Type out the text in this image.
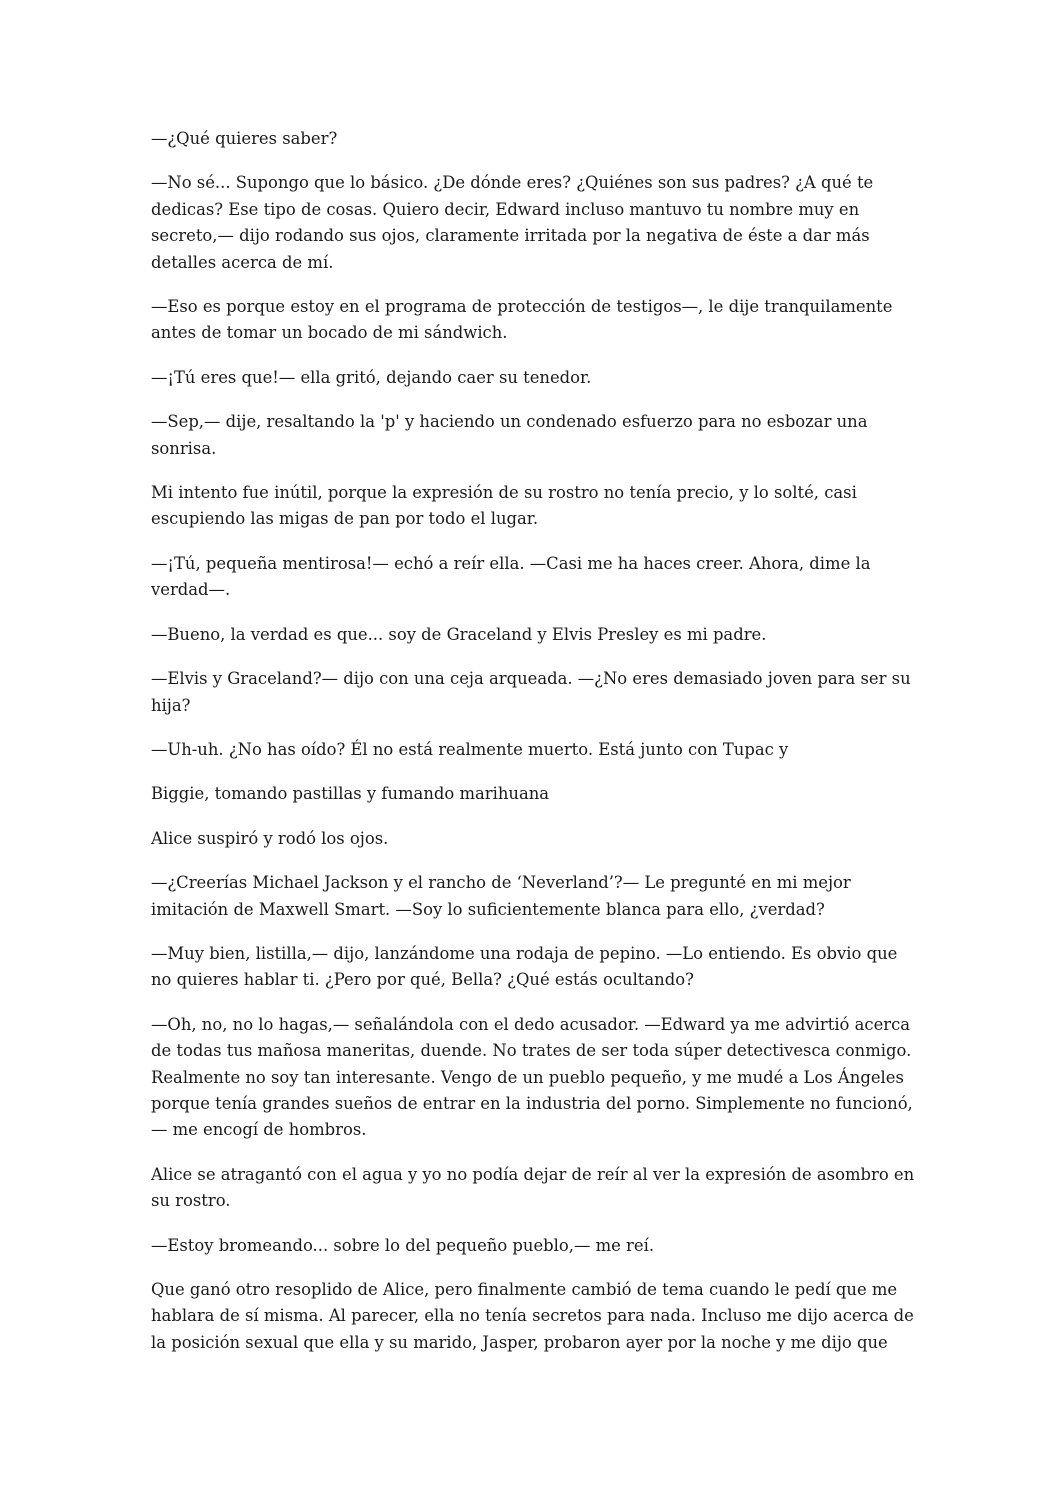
—¿Qué quieres saber?

—No sé... Supongo que lo básico. ¿De dónde eres? ¿Quiénes son sus padres? ¿A qué te dedicas? Ese tipo de cosas. Quiero decir, Edward incluso mantuvo tu nombre muy en secreto,— dijo rodando sus ojos, claramente irritada por la negativa de éste a dar más detalles acerca de mí.

—Eso es porque estoy en el programa de protección de testigos—, le dije tranquilamente antes de tomar un bocado de mi sándwich.

—¡Tú eres que!— ella gritó, dejando caer su tenedor.

—Sep,— dije, resaltando la 'p' y haciendo un condenado esfuerzo para no esbozar una sonrisa.

Mi intento fue inútil, porque la expresión de su rostro no tenía precio, y lo solté, casi escupiendo las migas de pan por todo el lugar.

—¡Tú, pequeña mentirosa!— echó a reír ella. —Casi me ha haces creer. Ahora, dime la verdad—.

—Bueno, la verdad es que... soy de Graceland y Elvis Presley es mi padre.

—Elvis y Graceland?— dijo con una ceja arqueada. —¿No eres demasiado joven para ser su hija?

—Uh-uh. ¿No has oído? Él no está realmente muerto. Está junto con Tupac y

Biggie, tomando pastillas y fumando marihuana

Alice suspiró y rodó los ojos.

—¿Creerías Michael Jackson y el rancho de ‘Neverland’?— Le pregunté en mi mejor imitación de Maxwell Smart. —Soy lo suficientemente blanca para ello, ¿verdad?

—Muy bien, listilla,— dijo, lanzándome una rodaja de pepino. —Lo entiendo. Es obvio que no quieres hablar ti. ¿Pero por qué, Bella? ¿Qué estás ocultando?

—Oh, no, no lo hagas,— señalándola con el dedo acusador. —Edward ya me advirtió acerca de todas tus mañosa maneritas, duende. No trates de ser toda súper detectivesca conmigo. Realmente no soy tan interesante. Vengo de un pueblo pequeño, y me mudé a Los Ángeles porque tenía grandes sueños de entrar en la industria del porno. Simplemente no funcionó, — me encogí de hombros.

Alice se atragantó con el agua y yo no podía dejar de reír al ver la expresión de asombro en su rostro.

—Estoy bromeando... sobre lo del pequeño pueblo,— me reí.

Que ganó otro resoplido de Alice, pero finalmente cambió de tema cuando le pedí que me hablara de sí misma. Al parecer, ella no tenía secretos para nada. Incluso me dijo acerca de la posición sexual que ella y su marido, Jasper, probaron ayer por la noche y me dijo que
